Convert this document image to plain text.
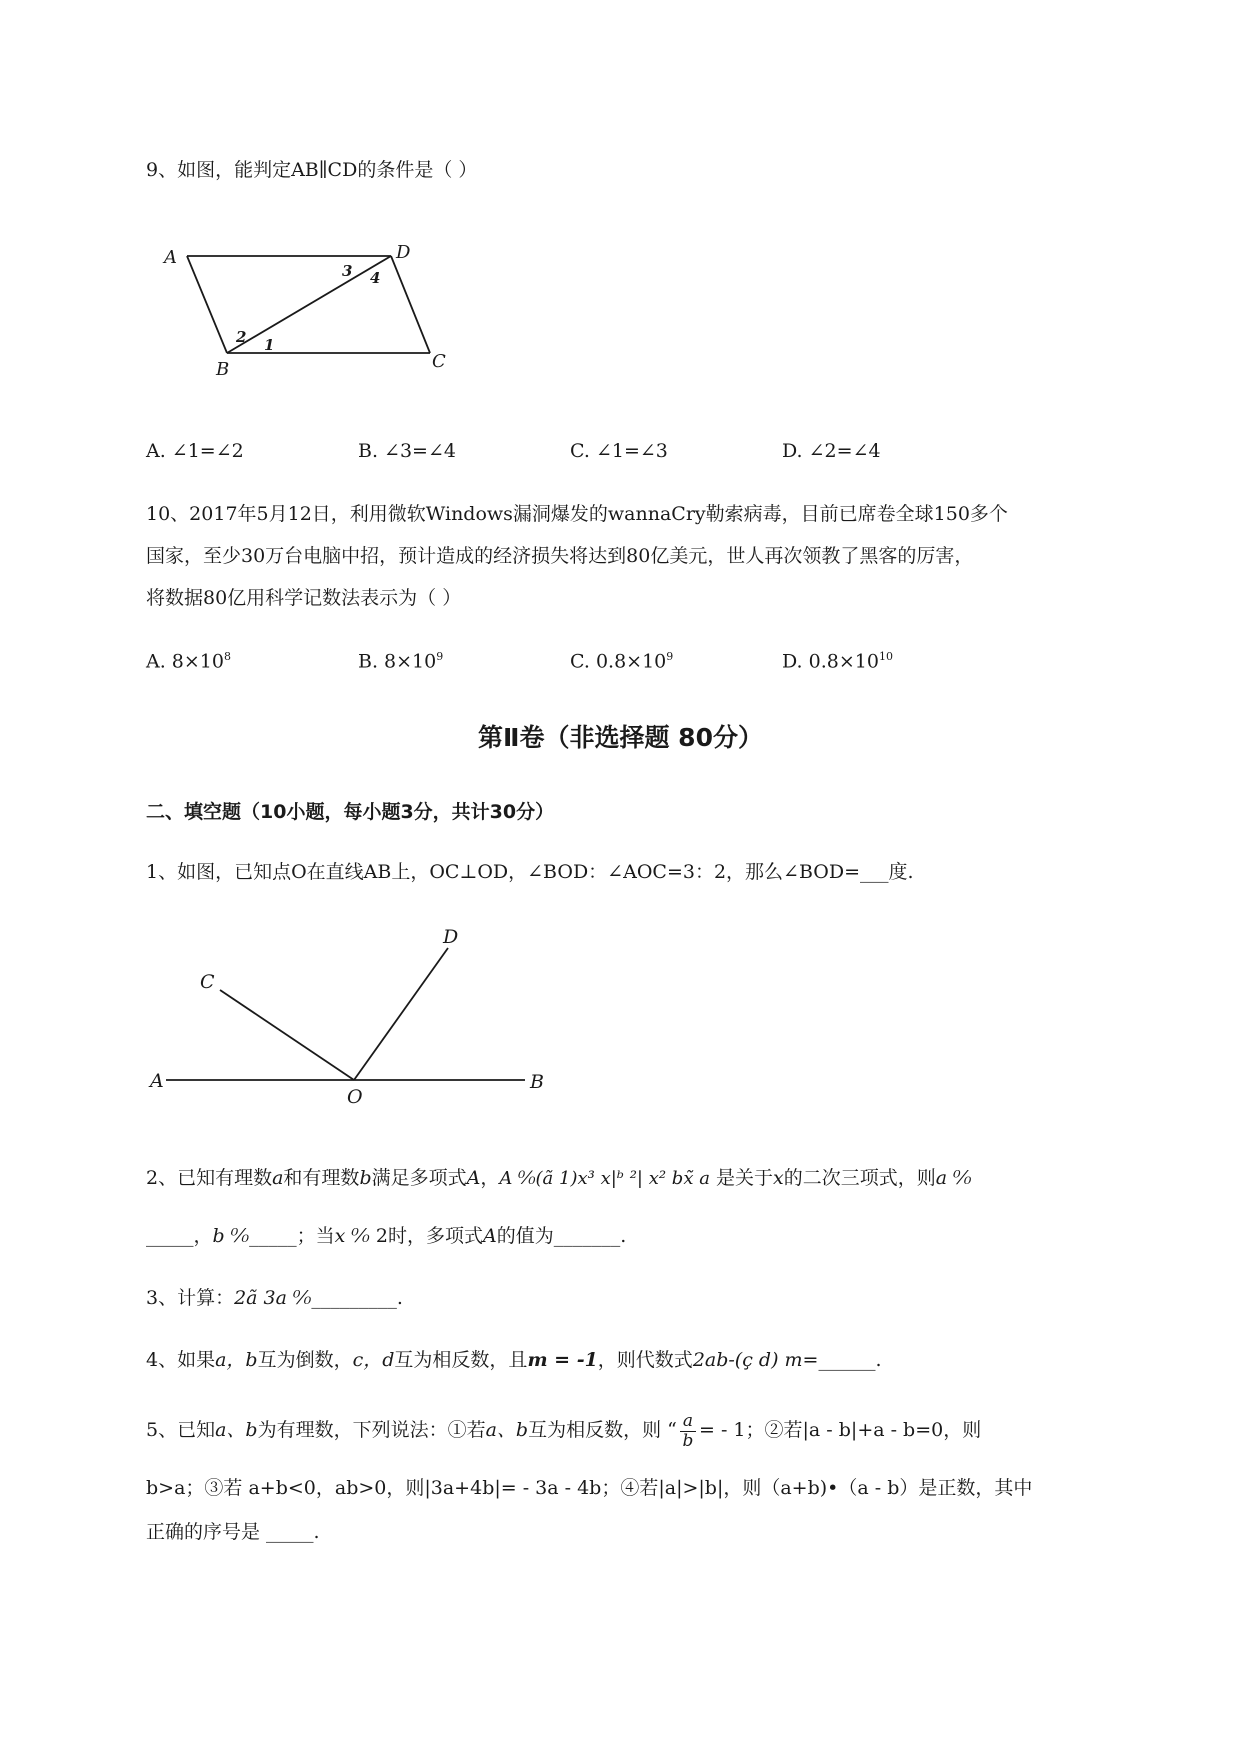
9、如图，能判定AB∥CD的条件是（ ）
A	D
B	C
1
2
3 4
A. ∠1=∠2	B. ∠3=∠4	C. ∠1=∠3	D. ∠2=∠4
10、2017年5月12日，利用微软Windows漏洞爆发的wannaCry勒索病毒，目前已席卷全球150多个
国家，至少30万台电脑中招，预计造成的经济损失将达到80亿美元，世人再次领教了黑客的厉害，
将数据80亿用科学记数法表示为（ ）
A. $8\times 10^8$	B. $8\times 10^9$	C. $0.8\times 10^9$	D. $0.8\times 10^{10}$
第Ⅱ卷（非选择题 80分）
二、填空题（10小题，每小题3分，共计30分）
1、如图，已知点O在直线AB上，OC⊥OD，∠BOD：∠AOC=3：2，那么∠BOD=___度.
A	B
C
D
O
2、已知有理数a和有理数b满足多项式A，A ⁰⁄₀(ã 1)x³ x|ᵇ ²| x² bx̃ a 是关于x的二次三项式，则a ⁰⁄₀
_____，b ⁰⁄₀_____；当x ⁰⁄₀ 2时，多项式A的值为_______.
3、计算：2ã 3a ⁰⁄₀_________.
4、如果a，b互为倒数，c，d互为相反数，且m = -1，则代数式2ab-(ç d) m=______.
5、已知a、b为有理数，下列说法：①若a、b互为相反数，则 “ $\frac{a}{b}$ = - 1；②若|a - b|+a - b=0，则
b>a；③若 a+b<0，ab>0，则|3a+4b|= - 3a - 4b；④若|a|>|b|，则（a+b)•（a - b）是正数，其中
正确的序号是 _____.
